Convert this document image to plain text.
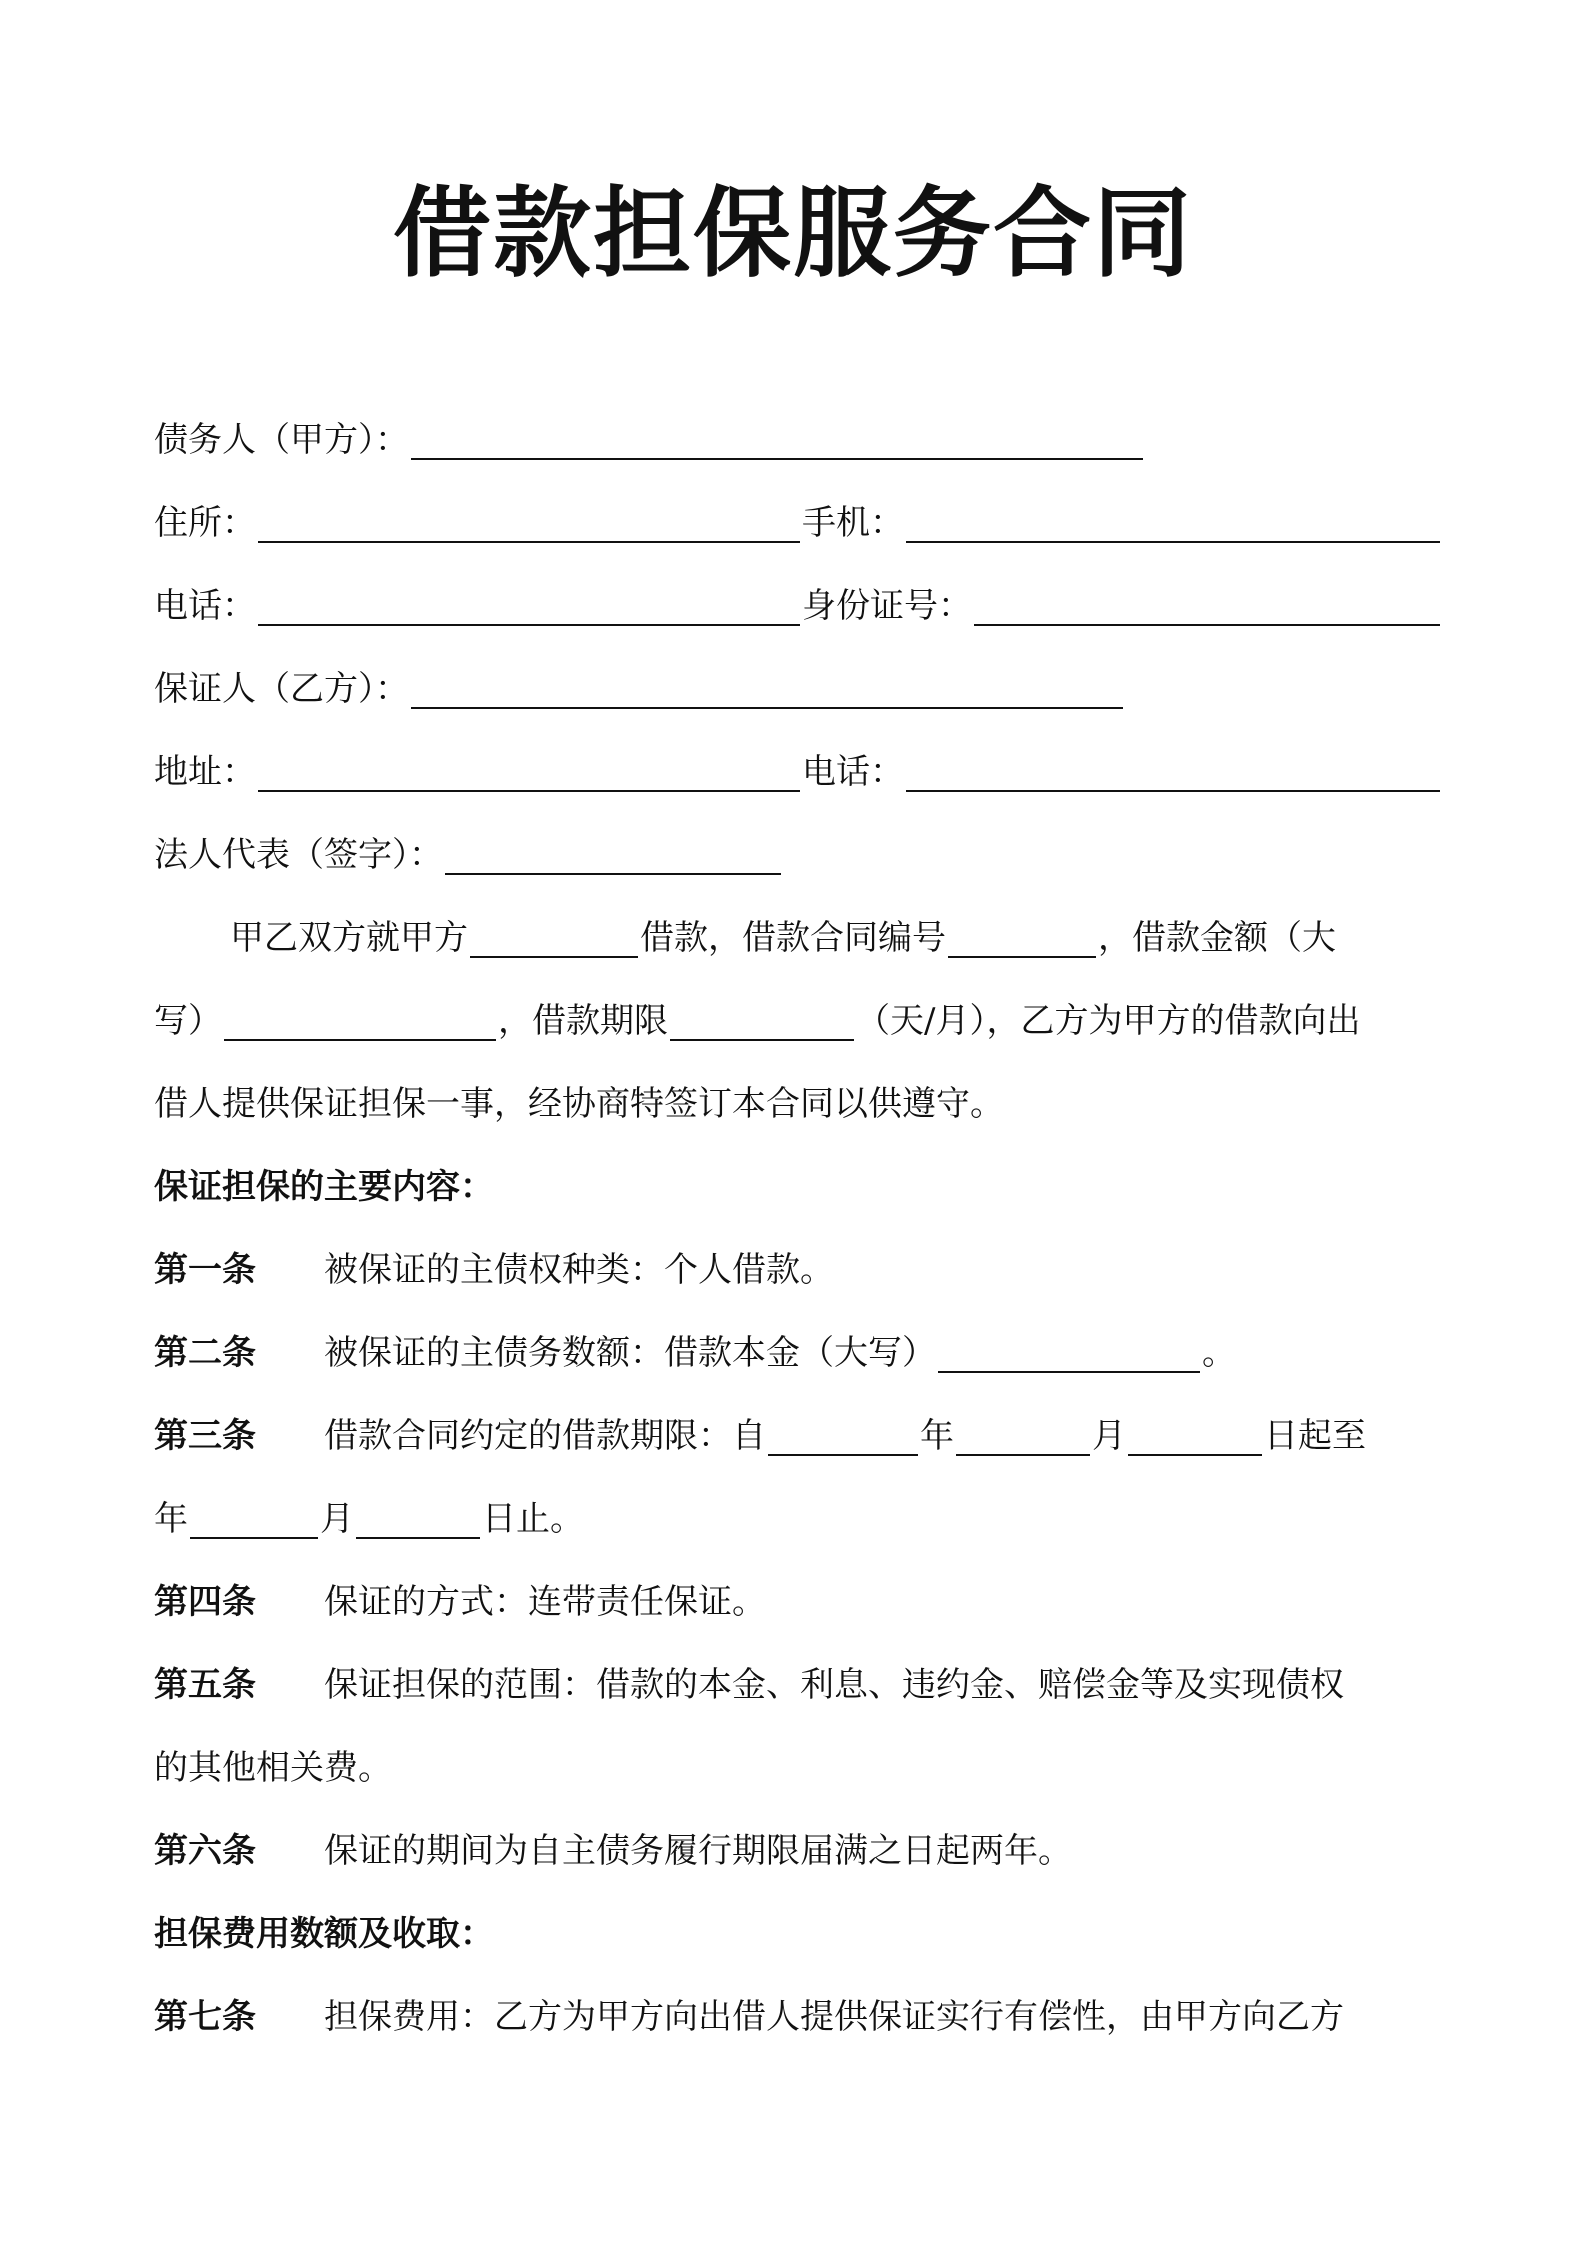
借款担保服务合同
债务人（甲方）：
住所：	手机：
电话：	身份证号：
保证人（乙方）：
地址：	电话：
法人代表（签字）：
甲乙双方就甲方	借款，借款合同编号	，借款金额（大
写）	，借款期限	（天/月），乙方为甲方的借款向出
借人提供保证担保一事，经协商特签订本合同以供遵守。
保证担保的主要内容：
第一条	被保证的主债权种类：个人借款。
第二条	被保证的主债务数额：借款本金（大写）	。
第三条	借款合同约定的借款期限：自	年	月	日起至
年	月	日止。
第四条	保证的方式：连带责任保证。
第五条	保证担保的范围：借款的本金、利息、违约金、赔偿金等及实现债权
的其他相关费。
第六条	保证的期间为自主债务履行期限届满之日起两年。
担保费用数额及收取：
第七条	担保费用：乙方为甲方向出借人提供保证实行有偿性，由甲方向乙方
